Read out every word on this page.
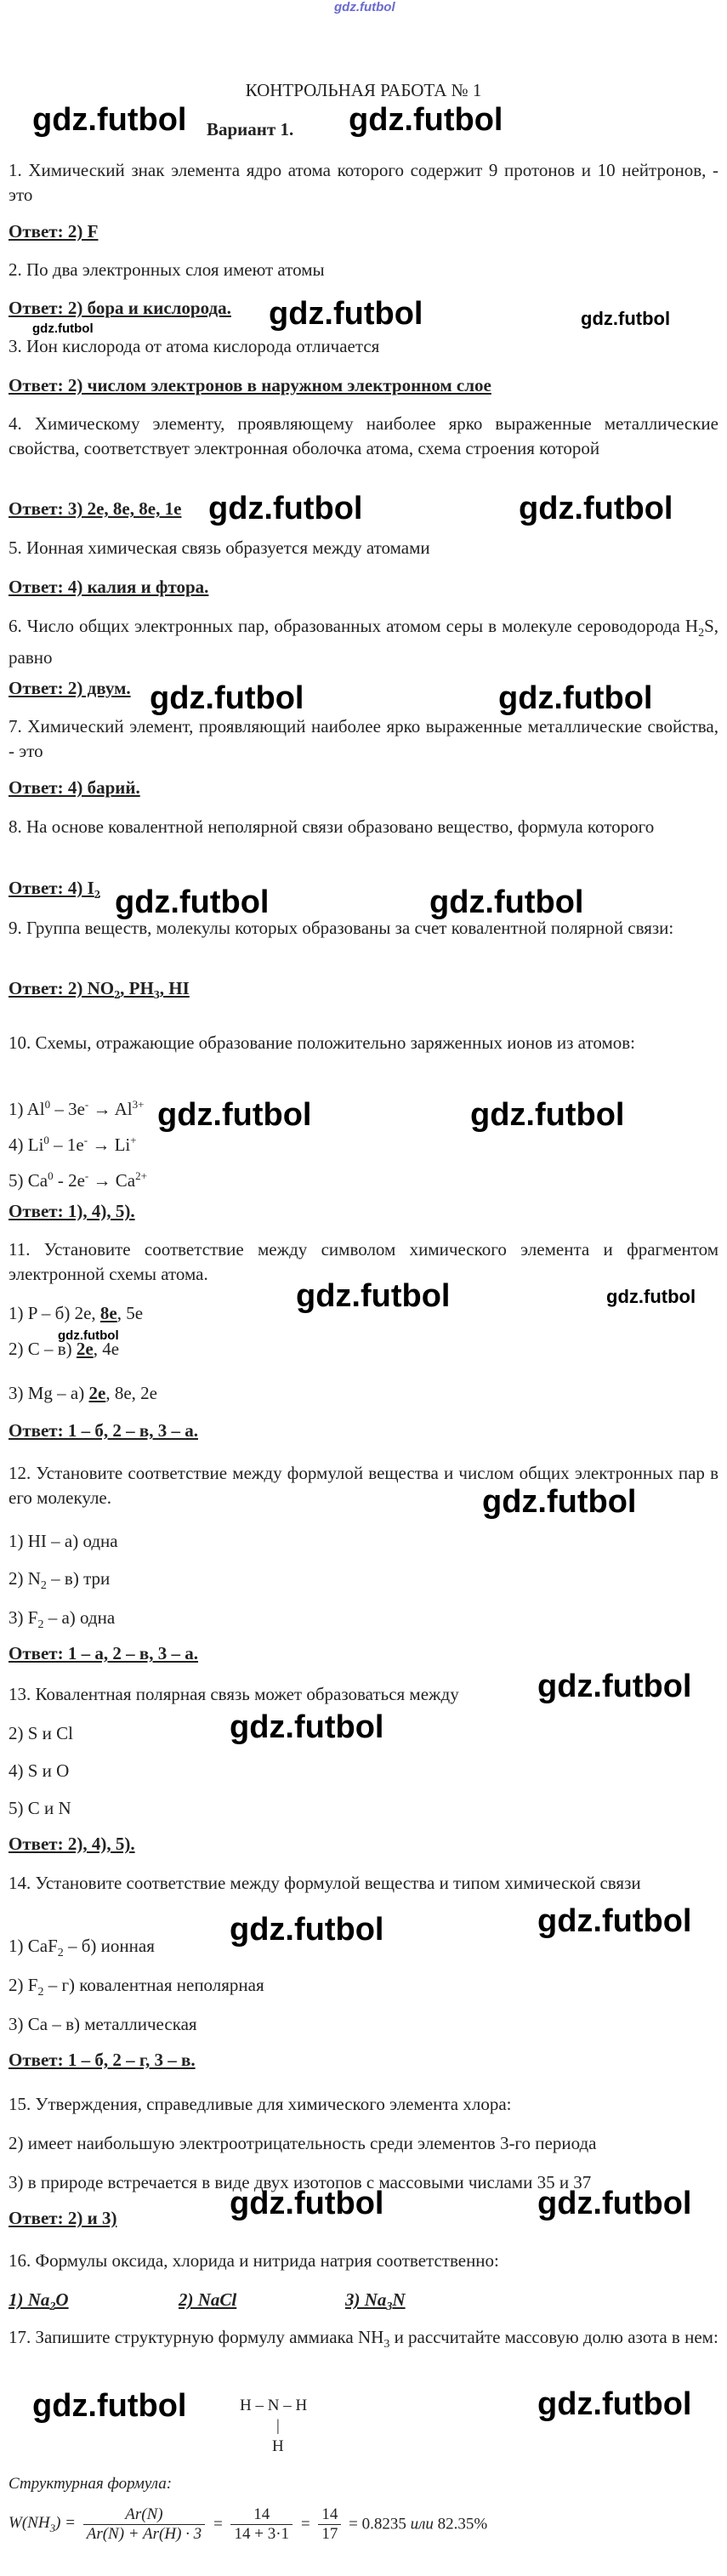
gdz.futbol
КОНТРОЛЬНАЯ РАБОТА № 1
gdz.futbol Вариант 1. gdz.futbol
1. Химический знак элемента ядро атома которого содержит 9 протонов и 10 нейтронов, - это
Ответ: 2) F
2. По два электронных слоя имеют атомы
Ответ: 2) бора и кислорода.
gdz.futbol	gdz.futbol	gdz.futbol
3. Ион кислорода от атома кислорода отличается
Ответ: 2) числом электронов в наружном электронном слое
4. Химическому элементу, проявляющему наиболее ярко выраженные металлические свойства, соответствует электронная оболочка атома, схема строения которой
Ответ: 3) 2е, 8е, 8е, 1е gdz.futbol	gdz.futbol
5. Ионная химическая связь образуется между атомами
Ответ: 4) калия и фтора.
6. Число общих электронных пар, образованных атомом серы в молекуле сероводорода $H_2S$, равно
Ответ: 2) двум. gdz.futbol	gdz.futbol
7. Химический элемент, проявляющий наиболее ярко выраженные металлические свойства, - это
Ответ: 4) барий.
8. На основе ковалентной неполярной связи образовано вещество, формула которого
Ответ: 4) $I_2$ gdz.futbol	gdz.futbol
9. Группа веществ, молекулы которых образованы за счет ковалентной полярной связи:
Ответ: 2) $NO_2$, $PH_3$, HI
10. Схемы, отражающие образование положительно заряженных ионов из атомов:
1) $Al^0 - 3e^- \to Al^{3+}$ gdz.futbol	gdz.futbol
4) Li$^0$ – 1e- → Li+
5) $Ca^0 - 2e^- \to Ca^{2+}$
Ответ: 1), 4), 5).
11. Установите соответствие между символом химического элемента и фрагментом электронной схемы атома.
gdz.futbol	gdz.futbol
1) P – б) 2e, 8e, 5e
gdz.futbol
2) C – в) 2e, 4e
3) Mg – а) 2e, 8e, 2e
Ответ: 1 – б, 2 – в, 3 – а.
12. Установите соответствие между формулой вещества и числом общих электронных пар в его молекуле.	gdz.futbol
1) HI – а) одна
2) $N_2 - в$) три
3) $F_2 - а$) одна
Ответ: 1 – а, 2 – в, 3 – а.
13. Ковалентная полярная связь может образоваться между	gdz.futbol
gdz.futbol
2) S и Cl
4) S и O
5) C и N
Ответ: 2), 4), 5).
14. Установите соответствие между формулой вещества и типом химической связи
gdz.futbol	gdz.futbol
1) CaF$_2$ – б) ионная
2) $F_2 - г$) ковалентная неполярная
3) Ca – в) металлическая
Ответ: 1 – б, 2 – г, 3 – в.
15. Утверждения, справедливые для химического элемента хлора:
2) имеет наибольшую электроотрицательность среди элементов 3-го периода
3) в природе встречается в виде двух изотопов с массовыми числами 35 и 37
Ответ: 2) и 3)	gdz.futbol	gdz.futbol
16. Формулы оксида, хлорида и нитрида натрия соответственно:
1) $Na_2O$	2) NaCl	3) $Na_3N$
17. Запишите структурную формулу аммиака $NH_3$ и рассчитайте массовую долю азота в нем:
gdz.futbol	gdz.futbol
H – N – H
|
H
Структурная формула:
$W(NH_3) = \frac{Ar(N)}{Ar(N) + Ar(H) \cdot 3} = \frac{14}{14 + 3\cdot 1} = \frac{14}{17} = 0.8235$ или 82.35%
